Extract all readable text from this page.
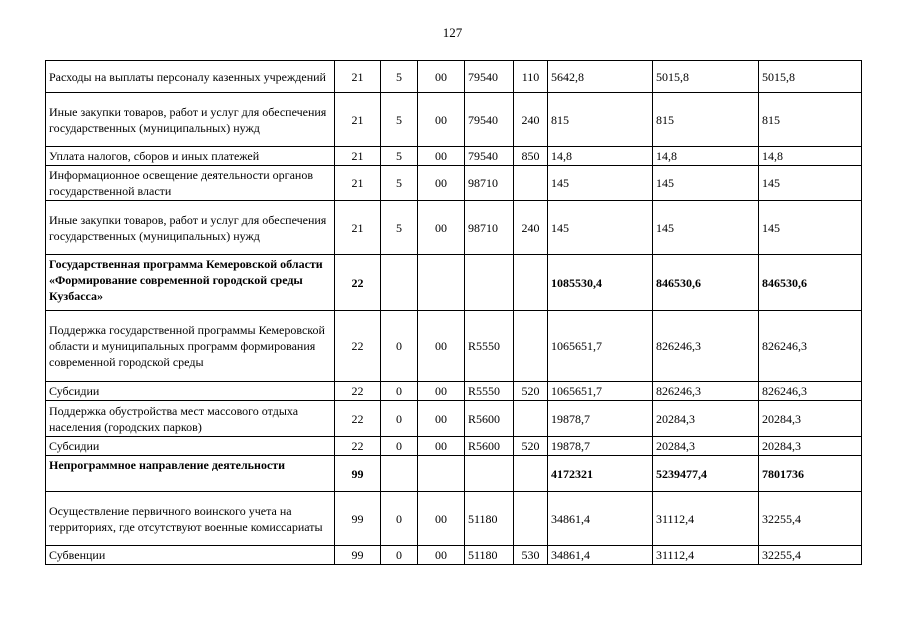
127
Расходы на выплаты персоналу казенных учреждений	21	5	00	79540	110	5642,8	5015,8	5015,8
Иные закупки товаров, работ и услуг для обеспечения государственных (муниципальных) нужд	21	5	00	79540	240	815	815	815
Уплата налогов, сборов и иных платежей	21	5	00	79540	850	14,8	14,8	14,8
Информационное освещение деятельности органов государственной власти	21	5	00	98710		145	145	145
Иные закупки товаров, работ и услуг для обеспечения государственных (муниципальных) нужд	21	5	00	98710	240	145	145	145
Государственная программа Кемеровской области «Формирование современной городской среды Кузбасса»	22					1085530,4	846530,6	846530,6
Поддержка государственной программы Кемеровской области и муниципальных программ формирования современной городской среды	22	0	00	R5550		1065651,7	826246,3	826246,3
Субсидии	22	0	00	R5550	520	1065651,7	826246,3	826246,3
Поддержка обустройства мест массового отдыха населения (городских парков)	22	0	00	R5600		19878,7	20284,3	20284,3
Субсидии	22	0	00	R5600	520	19878,7	20284,3	20284,3
Непрограммное направление деятельности	99					4172321	5239477,4	7801736
Осуществление первичного воинского учета на территориях, где отсутствуют военные комиссариаты	99	0	00	51180		34861,4	31112,4	32255,4
Субвенции	99	0	00	51180	530	34861,4	31112,4	32255,4
